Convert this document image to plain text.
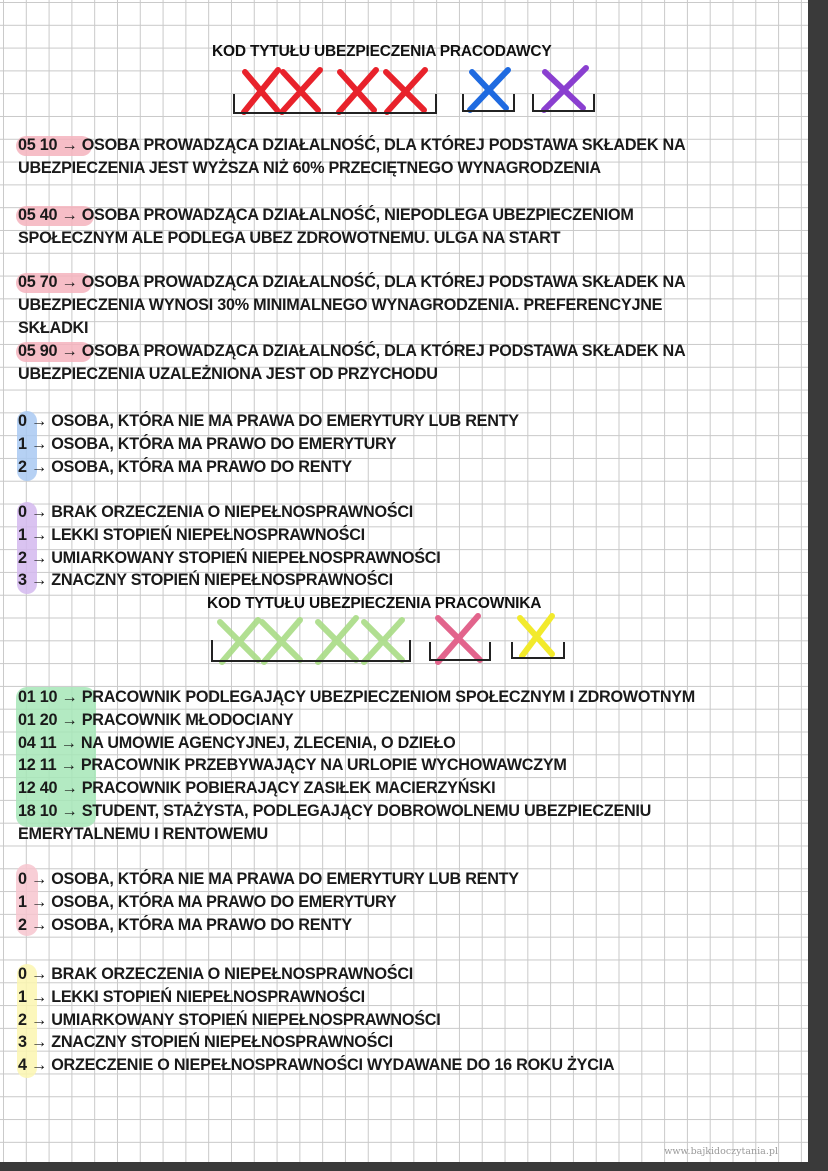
KOD TYTUŁU UBEZPIECZENIA PRACODAWCY
05 10 → OSOBA PROWADZĄCA DZIAŁALNOŚĆ, DLA KTÓREJ PODSTAWA SKŁADEK NA
UBEZPIECZENIA JEST WYŻSZA NIŻ 60% PRZECIĘTNEGO WYNAGRODZENIA
05 40 → OSOBA PROWADZĄCA DZIAŁALNOŚĆ, NIEPODLEGA UBEZPIECZENIOM
SPOŁECZNYM ALE PODLEGA UBEZ ZDROWOTNEMU. ULGA NA START
05 70 → OSOBA PROWADZĄCA DZIAŁALNOŚĆ, DLA KTÓREJ PODSTAWA SKŁADEK NA
UBEZPIECZENIA WYNOSI 30% MINIMALNEGO WYNAGRODZENIA. PREFERENCYJNE
SKŁADKI
05 90 → OSOBA PROWADZĄCA DZIAŁALNOŚĆ, DLA KTÓREJ PODSTAWA SKŁADEK NA
UBEZPIECZENIA UZALEŻNIONA JEST OD PRZYCHODU
0 → OSOBA, KTÓRA NIE MA PRAWA DO EMERYTURY LUB RENTY
1 → OSOBA, KTÓRA MA PRAWO DO EMERYTURY
2 → OSOBA, KTÓRA MA PRAWO DO RENTY
0 → BRAK ORZECZENIA O NIEPEŁNOSPRAWNOŚCI
1 → LEKKI STOPIEŃ NIEPEŁNOSPRAWNOŚCI
2 → UMIARKOWANY STOPIEŃ NIEPEŁNOSPRAWNOŚCI
3 → ZNACZNY STOPIEŃ NIEPEŁNOSPRAWNOŚCI
KOD TYTUŁU UBEZPIECZENIA PRACOWNIKA
01 10 → PRACOWNIK PODLEGAJĄCY UBEZPIECZENIOM SPOŁECZNYM I ZDROWOTNYM
01 20 → PRACOWNIK MŁODOCIANY
04 11 → NA UMOWIE AGENCYJNEJ, ZLECENIA, O DZIEŁO
12 11 → PRACOWNIK PRZEBYWAJĄCY NA URLOPIE WYCHOWAWCZYM
12 40 → PRACOWNIK POBIERAJĄCY ZASIŁEK MACIERZYŃSKI
18 10 → STUDENT, STAŻYSTA, PODLEGAJĄCY DOBROWOLNEMU UBEZPIECZENIU
EMERYTALNEMU I RENTOWEMU
0 → OSOBA, KTÓRA NIE MA PRAWA DO EMERYTURY LUB RENTY
1 → OSOBA, KTÓRA MA PRAWO DO EMERYTURY
2 → OSOBA, KTÓRA MA PRAWO DO RENTY
0 → BRAK ORZECZENIA O NIEPEŁNOSPRAWNOŚCI
1 → LEKKI STOPIEŃ NIEPEŁNOSPRAWNOŚCI
2 → UMIARKOWANY STOPIEŃ NIEPEŁNOSPRAWNOŚCI
3 → ZNACZNY STOPIEŃ NIEPEŁNOSPRAWNOŚCI
4 → ORZECZENIE O NIEPEŁNOSPRAWNOŚCI WYDAWANE DO 16 ROKU ŻYCIA
www.bajkidoczytania.pl
